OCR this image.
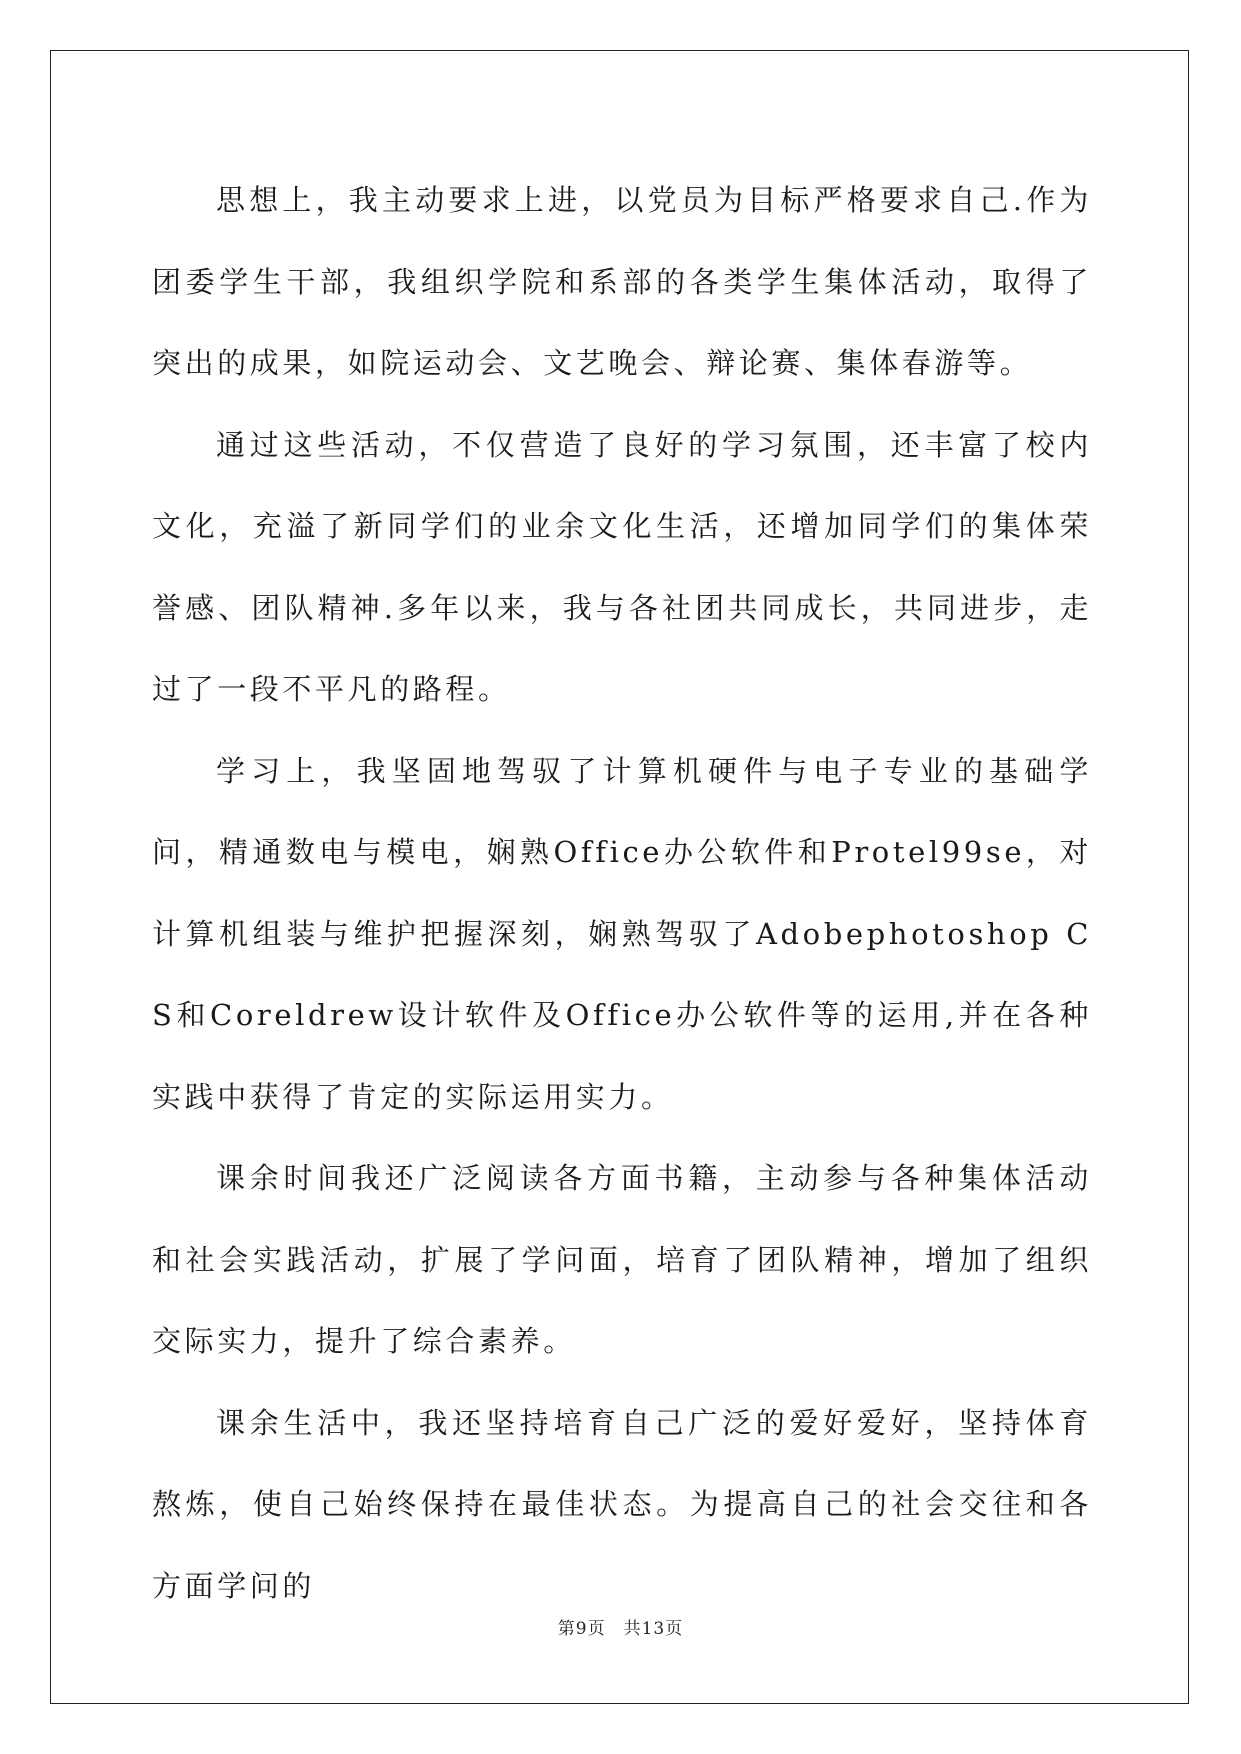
思想上，我主动要求上进，以党员为目标严格要求自己.作为团委学生干部，我组织学院和系部的各类学生集体活动，取得了突出的成果，如院运动会、文艺晚会、辩论赛、集体春游等。

通过这些活动，不仅营造了良好的学习氛围，还丰富了校内文化，充溢了新同学们的业余文化生活，还增加同学们的集体荣誉感、团队精神.多年以来，我与各社团共同成长，共同进步，走过了一段不平凡的路程。

学习上，我坚固地驾驭了计算机硬件与电子专业的基础学问，精通数电与模电，娴熟Office办公软件和Protel99se，对计算机组装与维护把握深刻，娴熟驾驭了Adobephotoshop CS和Coreldrew设计软件及Office办公软件等的运用,并在各种实践中获得了肯定的实际运用实力。

课余时间我还广泛阅读各方面书籍，主动参与各种集体活动和社会实践活动，扩展了学问面，培育了团队精神，增加了组织交际实力，提升了综合素养。

课余生活中，我还坚持培育自己广泛的爱好爱好，坚持体育熬炼，使自己始终保持在最佳状态。为提高自己的社会交往和各方面学问的

第9页　共13页
